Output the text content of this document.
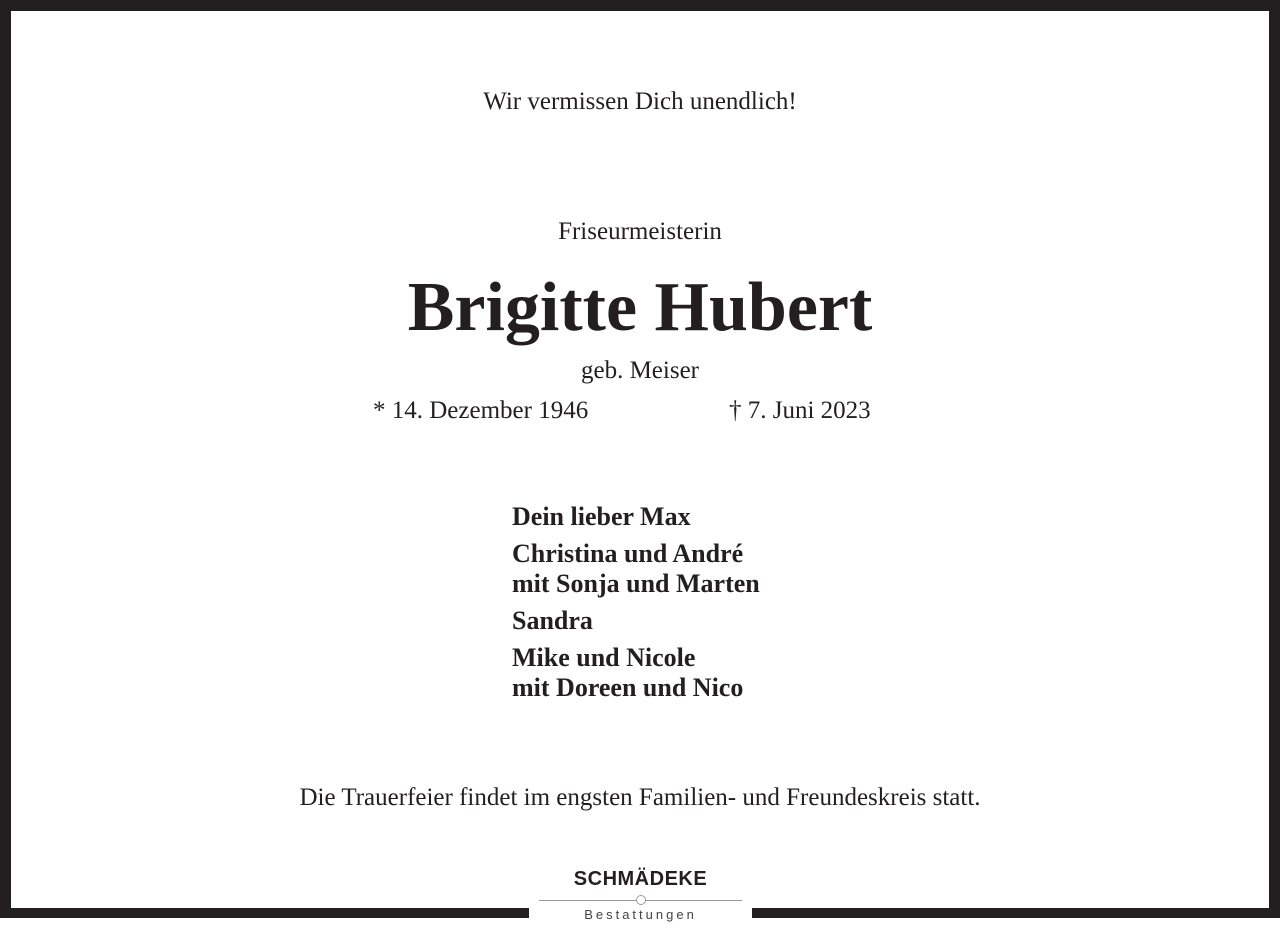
Wir vermissen Dich unendlich!
Friseurmeisterin
Brigitte Hubert
geb. Meiser
* 14. Dezember 1946	† 7. Juni 2023
Dein lieber Max
Christina und André
mit Sonja und Marten
Sandra
Mike und Nicole
mit Doreen und Nico
Die Trauerfeier findet im engsten Familien- und Freundeskreis statt.
SCHMÄDEKE
Bestattungen
